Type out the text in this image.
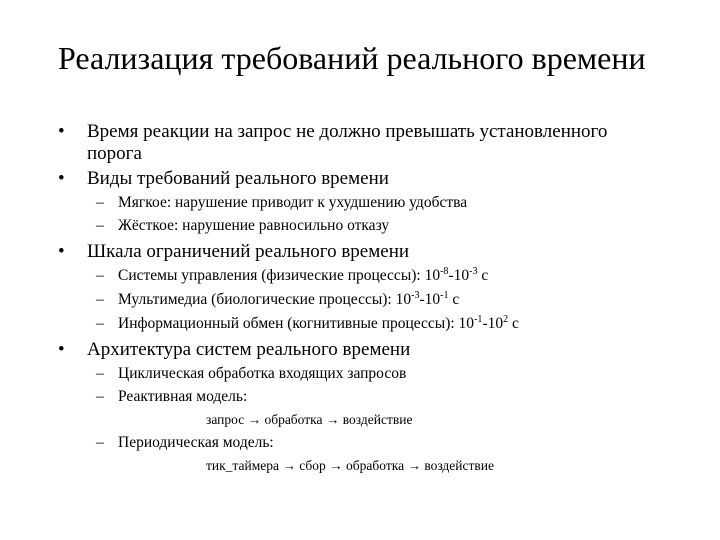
Реализация требований реального времени
•	Время реакции на запрос не должно превышать установленного
порога
•	Виды требований реального времени
– Мягкое: нарушение приводит к ухудшению удобства
– Жёсткое: нарушение равносильно отказу
•	Шкала ограничений реального времени
– Системы управления (физические процессы): $10^{-8}-10^{-3}$ с
– Мультимедиа (биологические процессы): $10^{-3}-10^{-1}$ с
– Информационный обмен (когнитивные процессы): $10^{-1}-10^2$ с
•	Архитектура систем реального времени
– Циклическая обработка входящих запросов
– Реактивная модель:
запрос → обработка → воздействие
– Периодическая модель:
тик_таймера → сбор → обработка → воздействие
